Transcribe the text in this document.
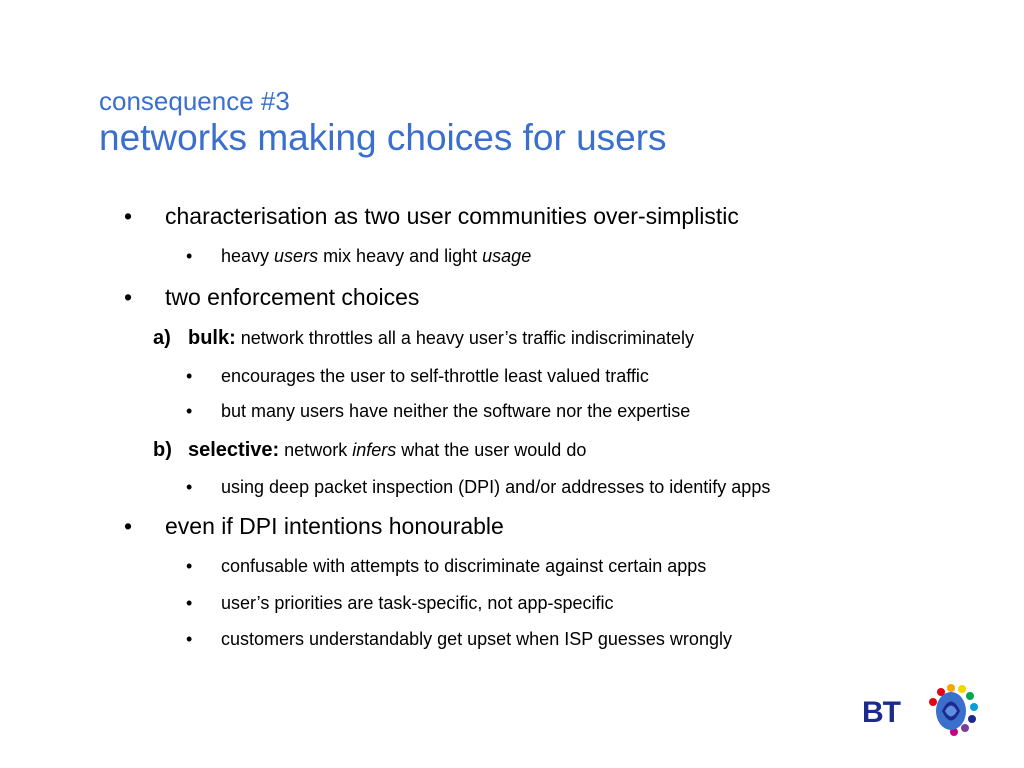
consequence #3
networks making choices for users
• characterisation as two user communities over-simplistic
• heavy users mix heavy and light usage
• two enforcement choices
a) bulk: network throttles all a heavy user’s traffic indiscriminately
• encourages the user to self-throttle least valued traffic
• but many users have neither the software nor the expertise
b) selective: network infers what the user would do
• using deep packet inspection (DPI) and/or addresses to identify apps
• even if DPI intentions honourable
• confusable with attempts to discriminate against certain apps
• user’s priorities are task-specific, not app-specific
• customers understandably get upset when ISP guesses wrongly
BT
